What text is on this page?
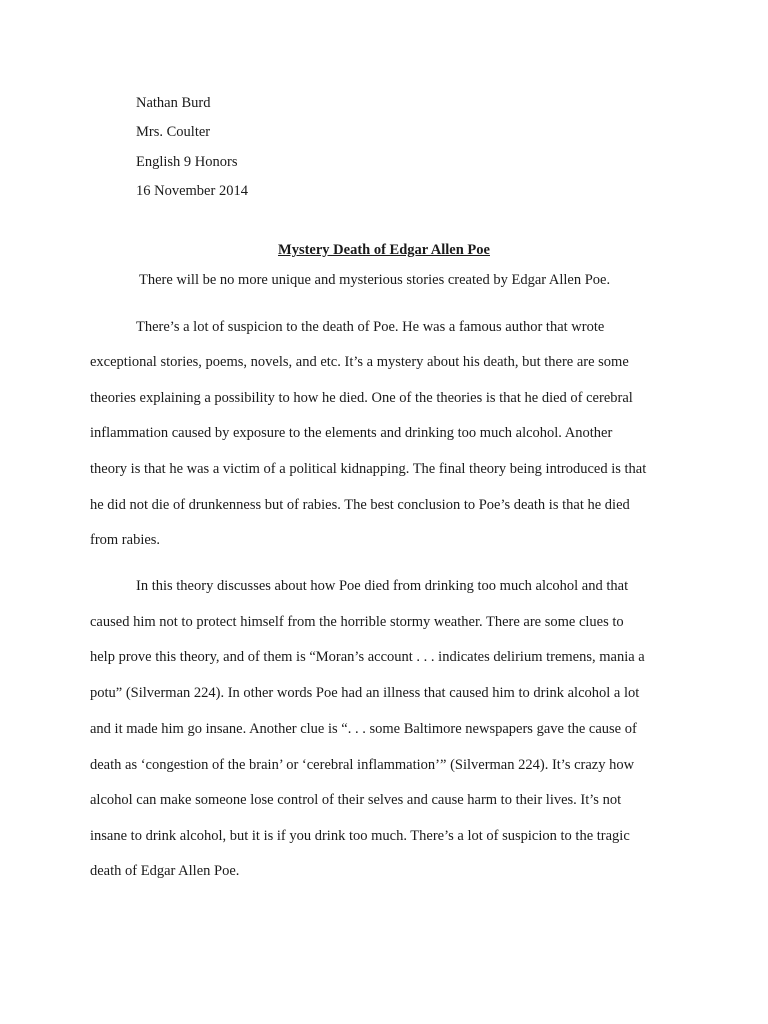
Nathan Burd
Mrs. Coulter
English 9 Honors
16 November 2014
Mystery Death of Edgar Allen Poe
There will be no more unique and mysterious stories created by Edgar Allen Poe.
There’s a lot of suspicion to the death of Poe. He was a famous author that wrote
exceptional stories, poems, novels, and etc. It’s a mystery about his death, but there are some
theories explaining a possibility to how he died. One of the theories is that he died of cerebral
inflammation caused by exposure to the elements and drinking too much alcohol. Another
theory is that he was a victim of a political kidnapping. The final theory being introduced is that
he did not die of drunkenness but of rabies. The best conclusion to Poe’s death is that he died
from rabies.
In this theory discusses about how Poe died from drinking too much alcohol and that
caused him not to protect himself from the horrible stormy weather. There are some clues to
help prove this theory, and of them is “Moran’s account . . . indicates delirium tremens, mania a
potu” (Silverman 224). In other words Poe had an illness that caused him to drink alcohol a lot
and it made him go insane. Another clue is “. . . some Baltimore newspapers gave the cause of
death as ‘congestion of the brain’ or ‘cerebral inflammation’” (Silverman 224). It’s crazy how
alcohol can make someone lose control of their selves and cause harm to their lives. It’s not
insane to drink alcohol, but it is if you drink too much. There’s a lot of suspicion to the tragic
death of Edgar Allen Poe.
